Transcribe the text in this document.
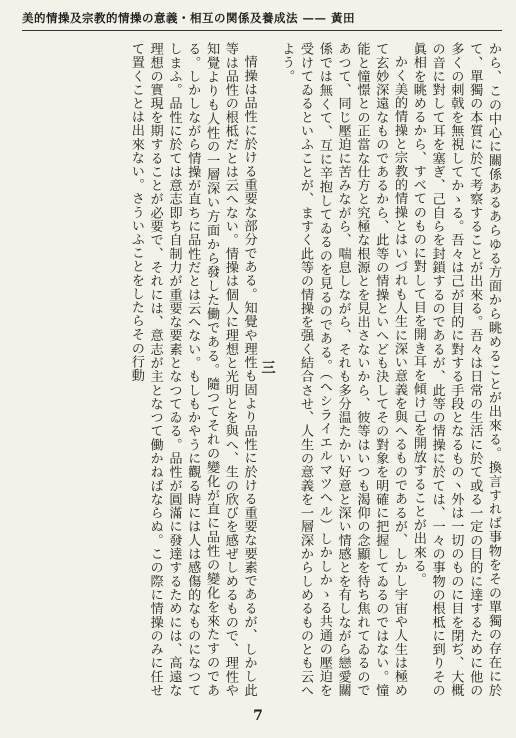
美的情操及宗教的情操の意義・相互の関係及養成法 —— 黃田

から、この中心に關係あるあらゆる方面から眺めることが出來る。換言すれば事物をその單獨の存在に於て、單獨の本質に於て考察することが出來る。吾々は日常の生活に於て或る一定の目的に達するために他の多くの刺戟を無視してかゝる。吾々は己が目的に對する手段となるもの丶外は一切のものに目を閉ぢ、大概の音に對して耳を塞ぎ、己自らを封鎖するのであるが、此等の情操に於ては、一々の事物の根柢に到りその眞相を眺めるから、すべてのものに對して目を開き耳を傾け己を開放することが出來る。

かく美的情操と宗教的情操とはいづれも人生に深い意義を與へるものであるが、しかし宇宙や人生は極めて玄妙深遠なものであるから、此等の情操といへども決してその對象を明確に把握してゐるのではない。憧能と憧憬との正當な仕方と究極な根源とを見出さないから、彼等はいつも渴仰の念顯を待ち焦れてゐるのであつて、同じ壓迫に苦みながら、喘息しながら、それも多分温たかい好意と深い情感とを有しながら戀愛關係では無くて、互に辛抱してゐるのを見るのである。（ヘシライエルマツヘル）しかしかゝる共通の壓迫を受けてゐるといふことが、ますく此等の情操を强く結合させ、人生の意義を一層深からしめるものとも云へよう。

三

情操は品性に於ける重要な部分である。知覺や理性も固より品性に於ける重要な要素であるが、しかし此等は品性の根柢だとは云へない。情操は個人に理想と光明とを與へ、生の欣びを感ぜしめるもので、理性や知覺よりも人性の一層深い方面から發した働である。隨つてそれの變化が直に品性の變化を來たすのである。しかしながら情操が直ちに品性だとは云へない。もしもかやうに觀る時には人は感傷的なものになつてしまふ。品性に於ては意志即ち自制力が重要な要素となつてゐる。品性が圓滿に發達するためには、高遠な理想の實現を期することが必要で、それには、意志が主となつて働かねばならぬ。この際に情操のみに任せて置くことは出來ない。さういふことをしたらその行動

7
